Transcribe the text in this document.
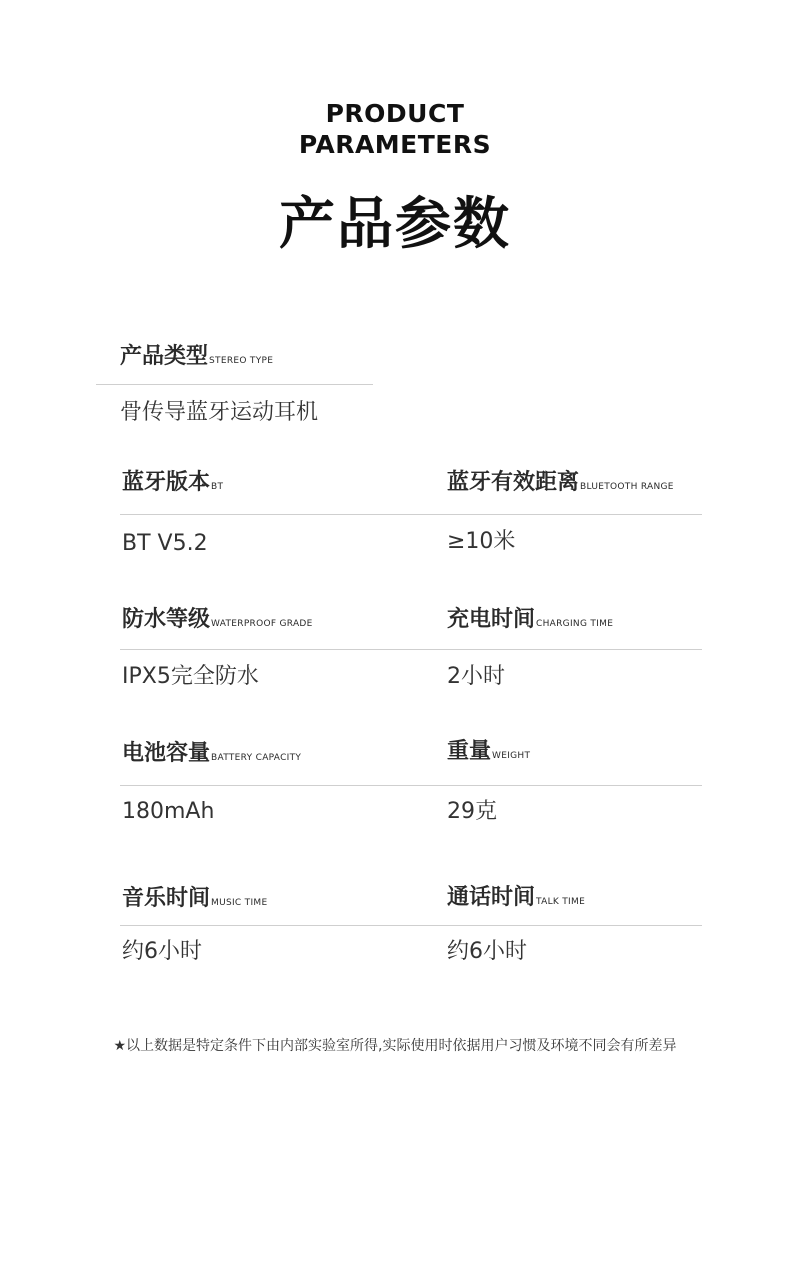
PRODUCT
PARAMETERS
产品参数
产品类型STEREO TYPE
骨传导蓝牙运动耳机
蓝牙版本BT
BT V5.2
蓝牙有效距离BLUETOOTH RANGE
≥10米
防水等级WATERPROOF GRADE
IPX5完全防水
充电时间CHARGING TIME
2小时
电池容量BATTERY CAPACITY
180mAh
重量WEIGHT
29克
音乐时间MUSIC TIME
约6小时
通话时间TALK TIME
约6小时
★以上数据是特定条件下由内部实验室所得,实际使用时依据用户习惯及环境不同会有所差异
